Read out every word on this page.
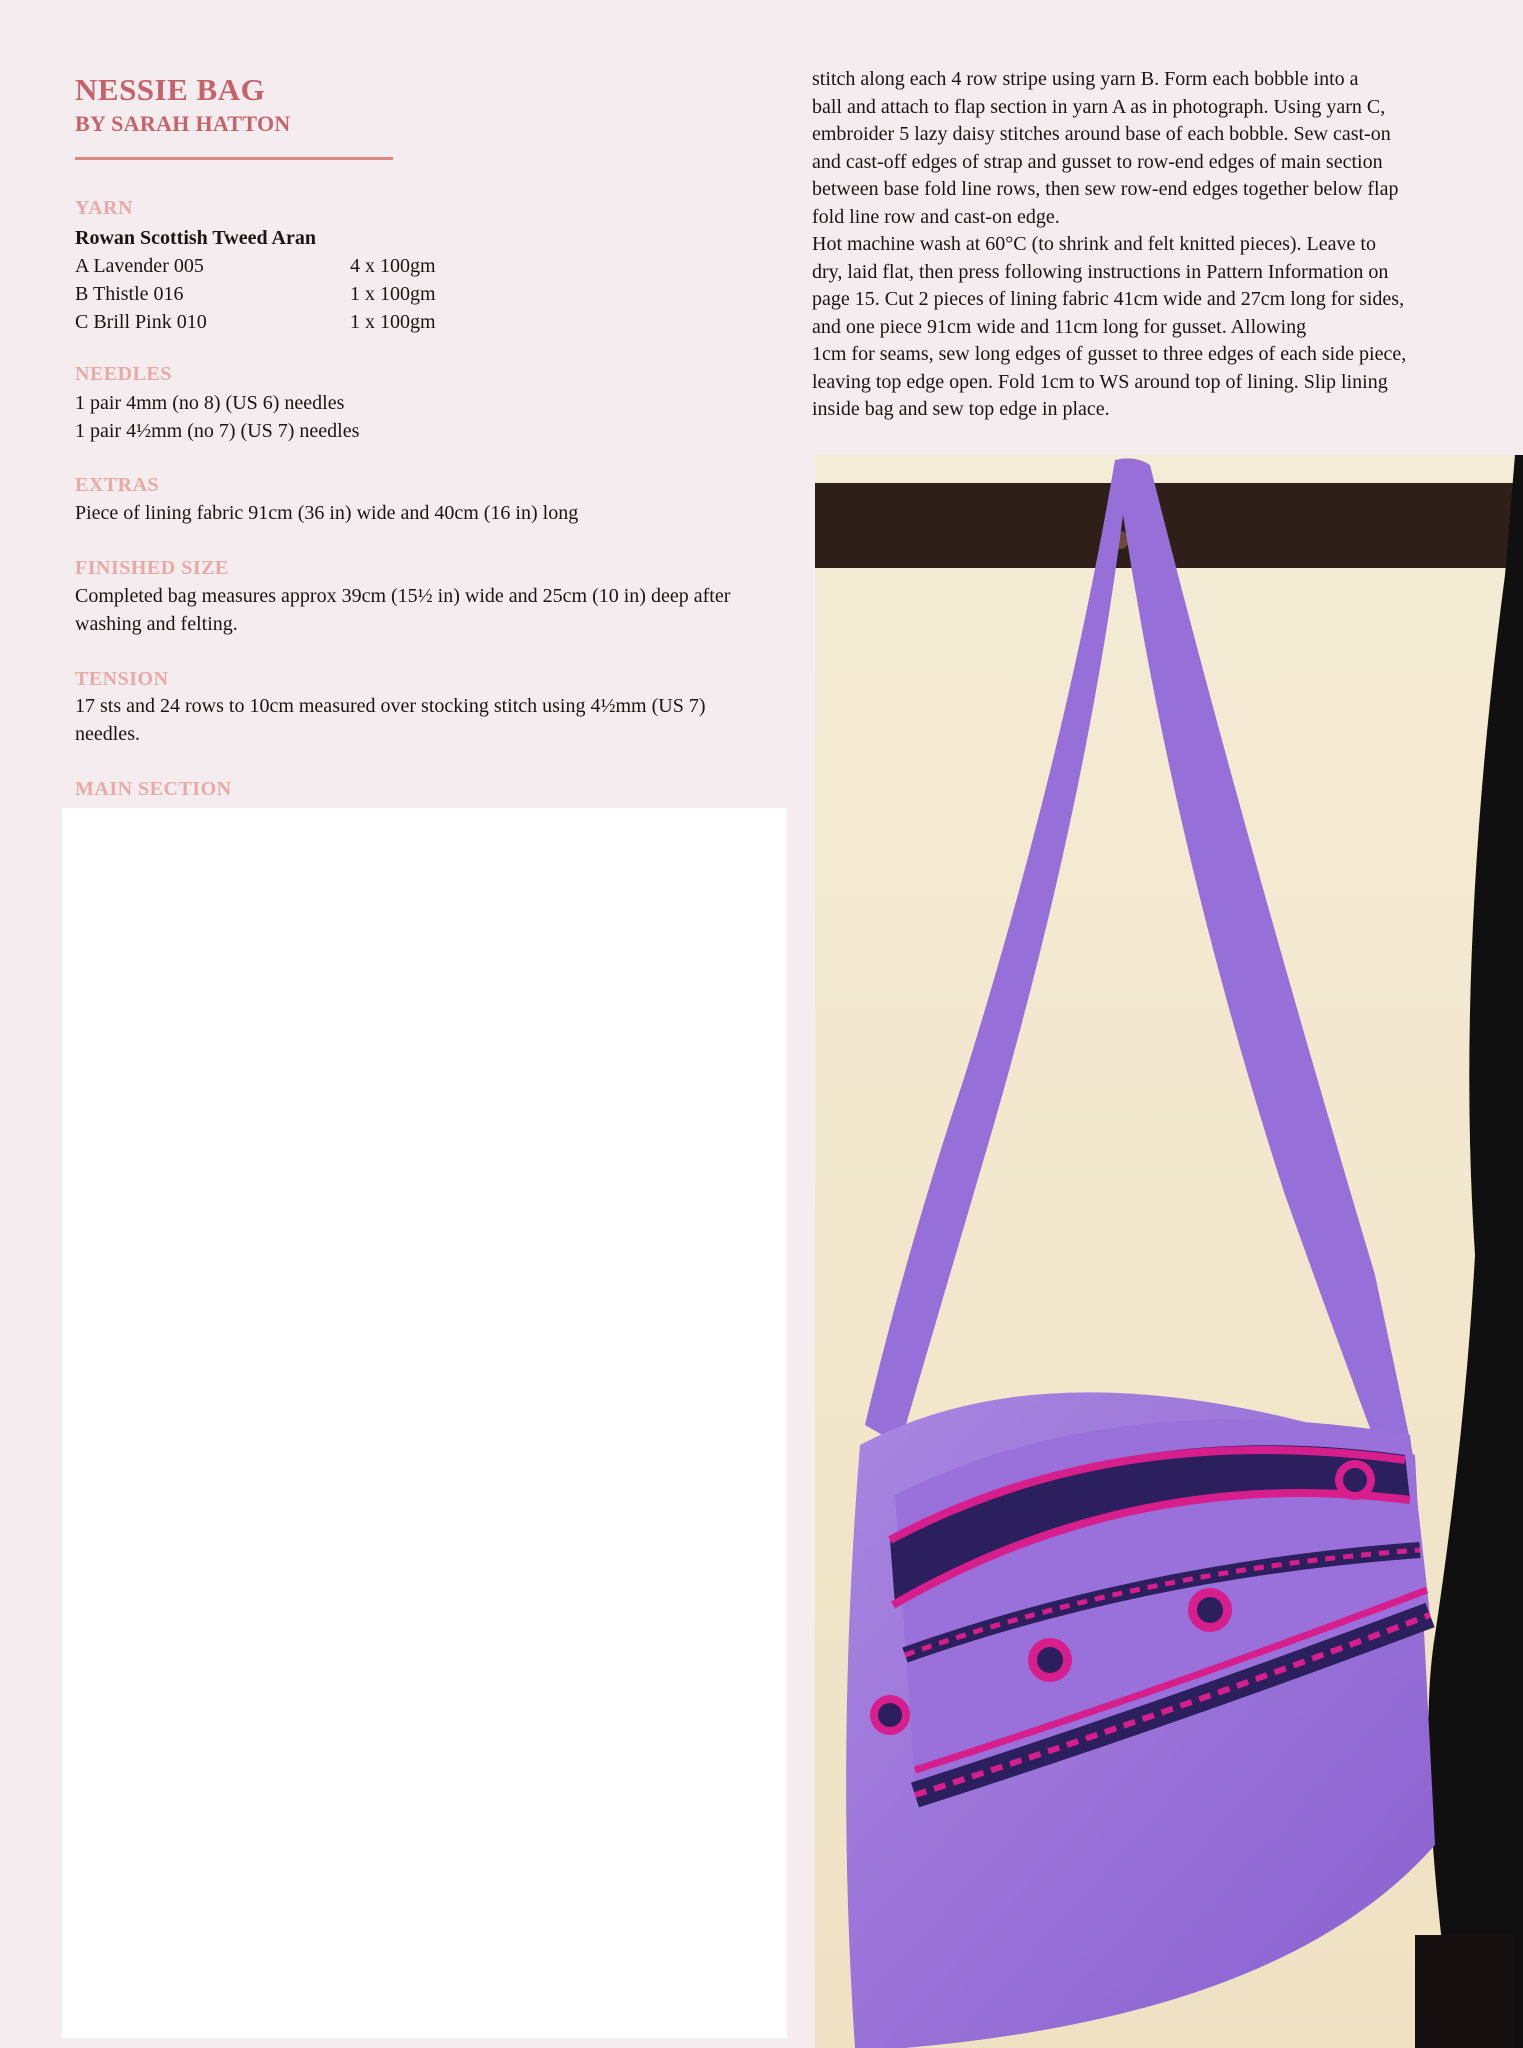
NESSIE BAG
BY SARAH HATTON
YARN
Rowan Scottish Tweed Aran
A Lavender 005	4 x 100gm
B Thistle 016	1 x 100gm
C Brill Pink 010	1 x 100gm
NEEDLES
1 pair 4mm (no 8) (US 6) needles
1 pair 4½mm (no 7) (US 7) needles
EXTRAS
Piece of lining fabric 91cm (36 in) wide and 40cm (16 in) long
FINISHED SIZE
Completed bag measures approx 39cm (15½ in) wide and 25cm (10 in) deep after washing and felting.
TENSION
17 sts and 24 rows to 10cm measured over stocking stitch using 4½mm (US 7) needles.
MAIN SECTION
stitch along each 4 row stripe using yarn B. Form each bobble into a
ball and attach to flap section in yarn A as in photograph. Using yarn C,
embroider 5 lazy daisy stitches around base of each bobble. Sew cast-on
and cast-off edges of strap and gusset to row-end edges of main section
between base fold line rows, then sew row-end edges together below flap
fold line row and cast-on edge.
Hot machine wash at 60°C (to shrink and felt knitted pieces). Leave to
dry, laid flat, then press following instructions in Pattern Information on
page 15. Cut 2 pieces of lining fabric 41cm wide and 27cm long for sides,
and one piece 91cm wide and 11cm long for gusset. Allowing
1cm for seams, sew long edges of gusset to three edges of each side piece,
leaving top edge open. Fold 1cm to WS around top of lining. Slip lining
inside bag and sew top edge in place.
